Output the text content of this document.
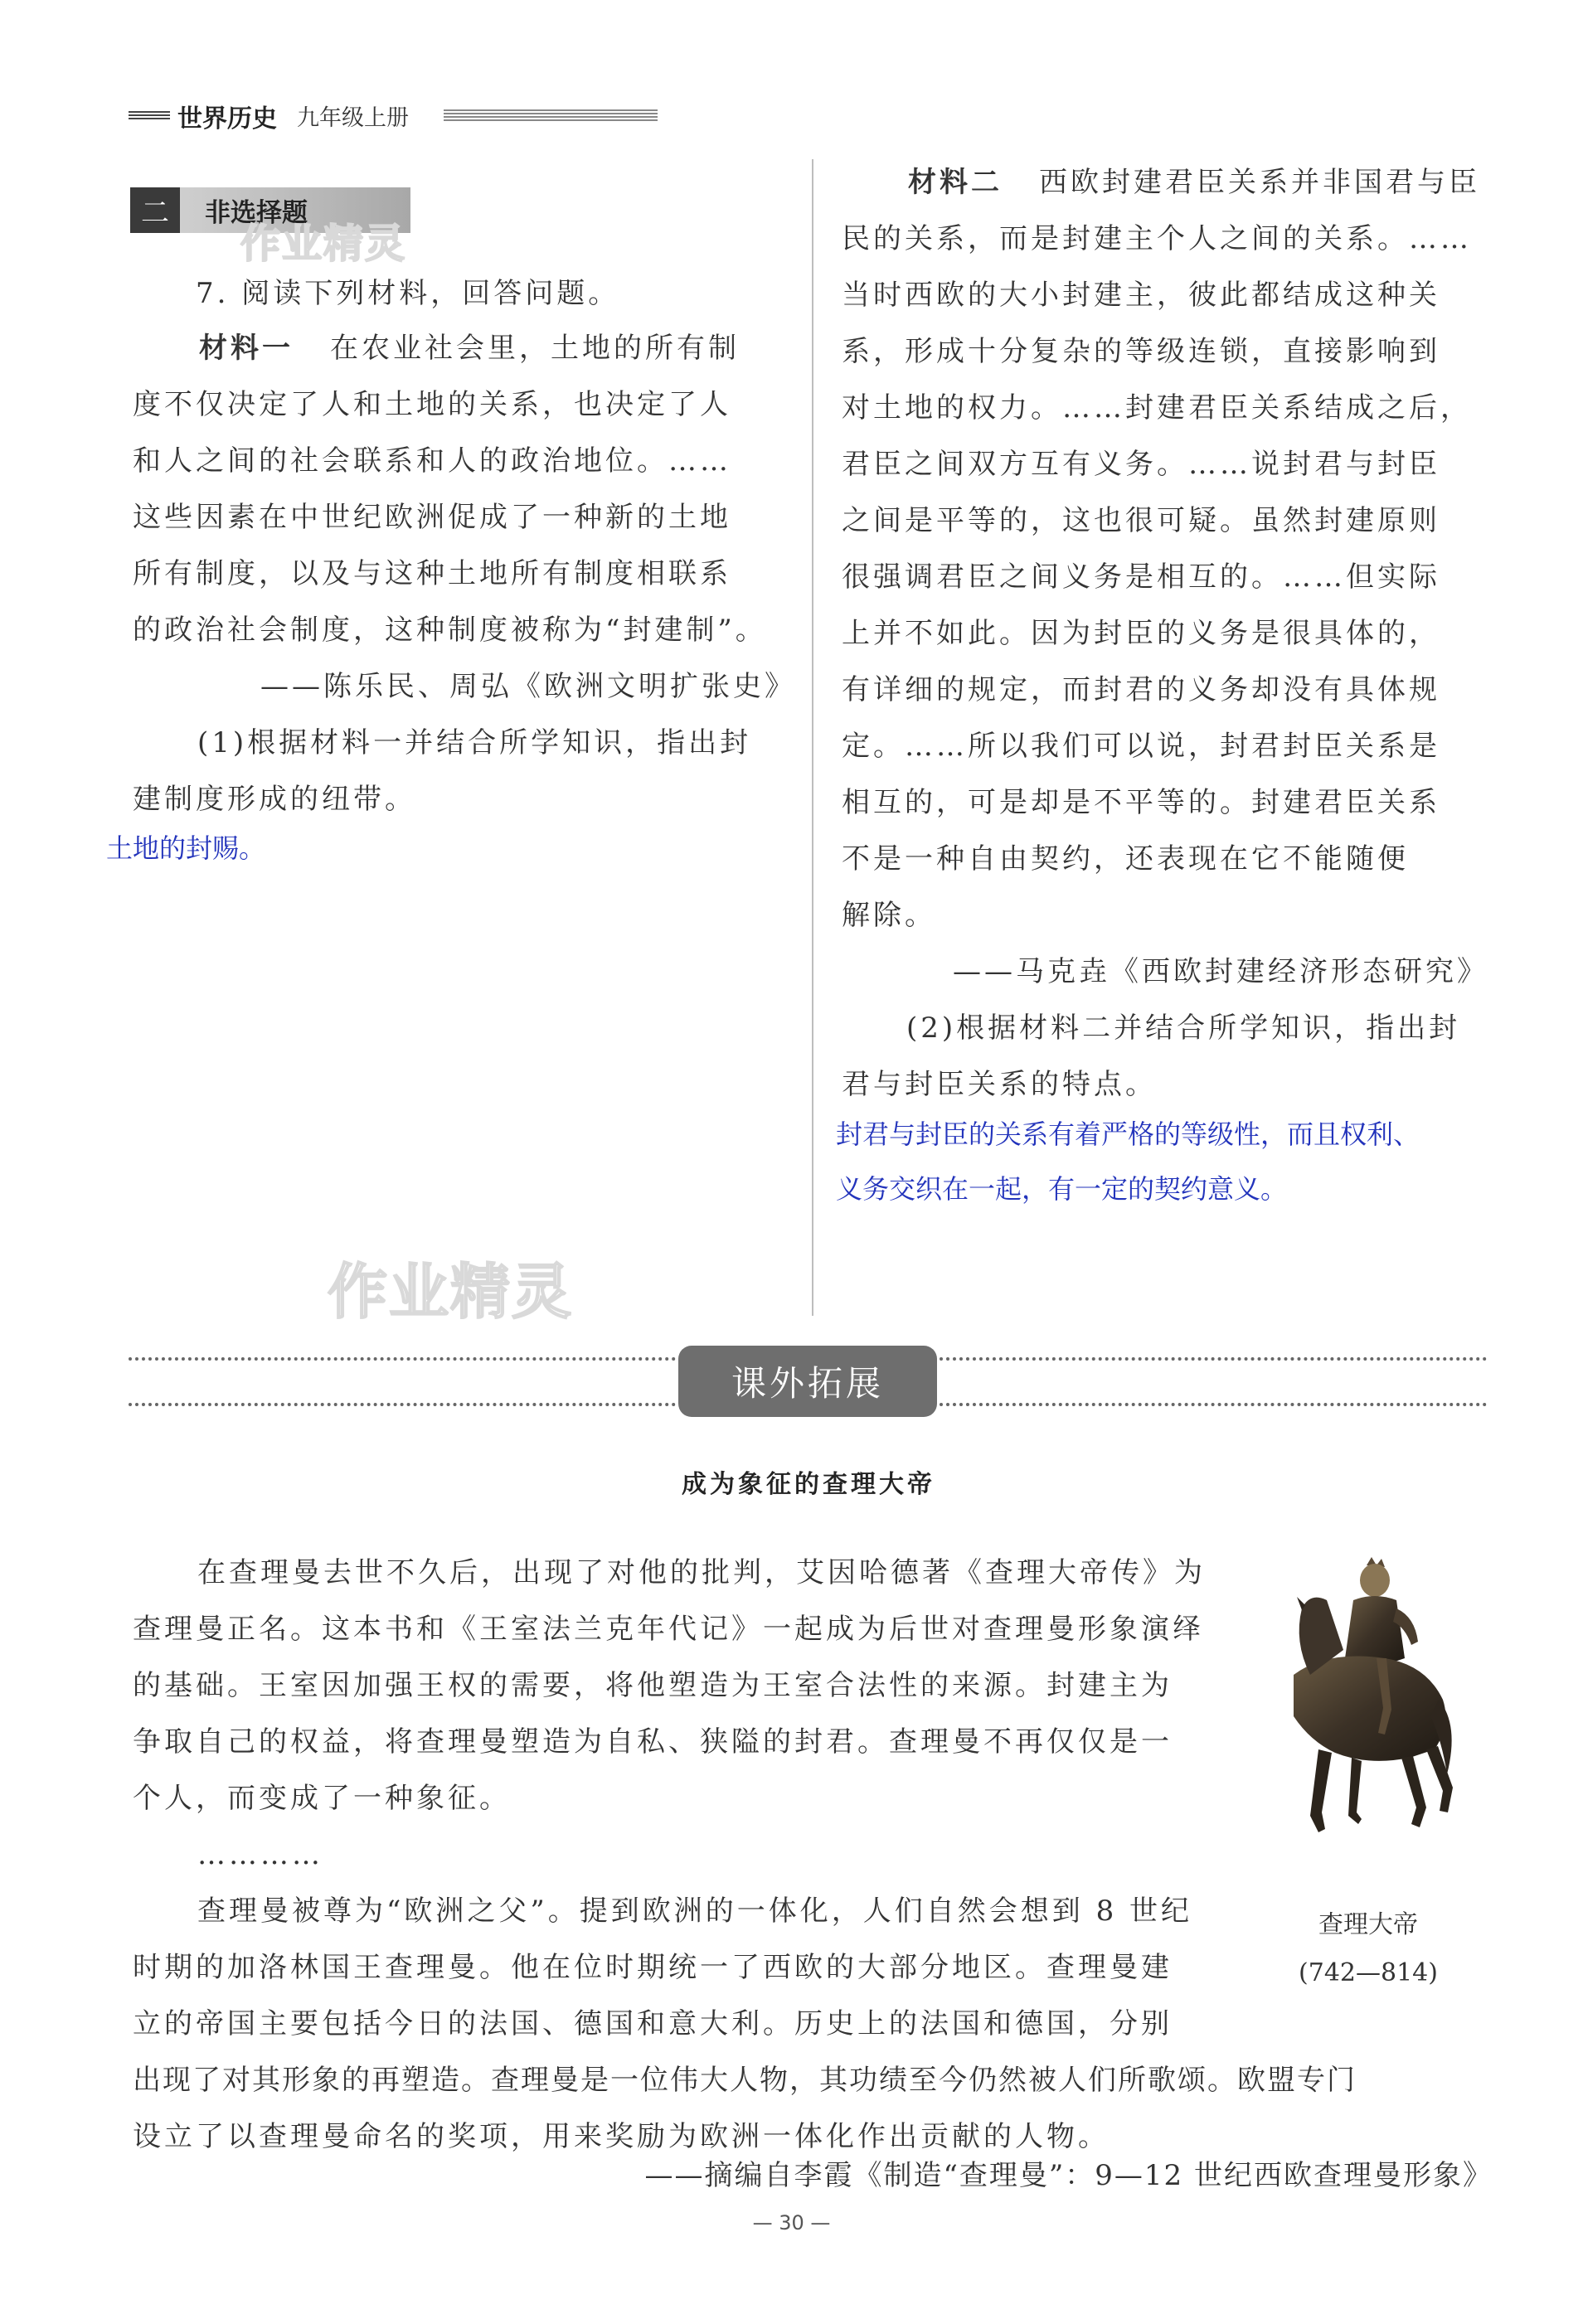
世界历史 九年级上册
二	非选择题
作业精灵
7. 阅读下列材料，回答问题。

材料一 在农业社会里，土地的所有制

度不仅决定了人和土地的关系，也决定了人

和人之间的社会联系和人的政治地位。……

这些因素在中世纪欧洲促成了一种新的土地

所有制度，以及与这种土地所有制度相联系

的政治社会制度，这种制度被称为“封建制”。

——陈乐民、周弘《欧洲文明扩张史》

(1)根据材料一并结合所学知识，指出封

建制度形成的纽带。

土地的封赐。

材料二 西欧封建君臣关系并非国君与臣

民的关系，而是封建主个人之间的关系。……

当时西欧的大小封建主，彼此都结成这种关

系，形成十分复杂的等级连锁，直接影响到

对土地的权力。……封建君臣关系结成之后，

君臣之间双方互有义务。……说封君与封臣

之间是平等的，这也很可疑。虽然封建原则

很强调君臣之间义务是相互的。……但实际

上并不如此。因为封臣的义务是很具体的，

有详细的规定，而封君的义务却没有具体规

定。……所以我们可以说，封君封臣关系是

相互的，可是却是不平等的。封建君臣关系

不是一种自由契约，还表现在它不能随便

解除。

——马克垚《西欧封建经济形态研究》

(2)根据材料二并结合所学知识，指出封

君与封臣关系的特点。

封君与封臣的关系有着严格的等级性，而且权利、
义务交织在一起，有一定的契约意义。
作业精灵
课外拓展
成为象征的查理大帝

在查理曼去世不久后，出现了对他的批判，艾因哈德著《查理大帝传》为

查理曼正名。这本书和《王室法兰克年代记》一起成为后世对查理曼形象演绎

的基础。王室因加强王权的需要，将他塑造为王室合法性的来源。封建主为

争取自己的权益，将查理曼塑造为自私、狭隘的封君。查理曼不再仅仅是一

个人，而变成了一种象征。

…………

查理曼被尊为“欧洲之父”。提到欧洲的一体化，人们自然会想到 8 世纪

时期的加洛林国王查理曼。他在位时期统一了西欧的大部分地区。查理曼建

立的帝国主要包括今日的法国、德国和意大利。历史上的法国和德国，分别

出现了对其形象的再塑造。查理曼是一位伟大人物，其功绩至今仍然被人们所歌颂。欧盟专门

设立了以查理曼命名的奖项，用来奖励为欧洲一体化作出贡献的人物。

——摘编自李霞《制造“查理曼”：9—12 世纪西欧查理曼形象》
查理大帝
(742—814)
— 30 —
